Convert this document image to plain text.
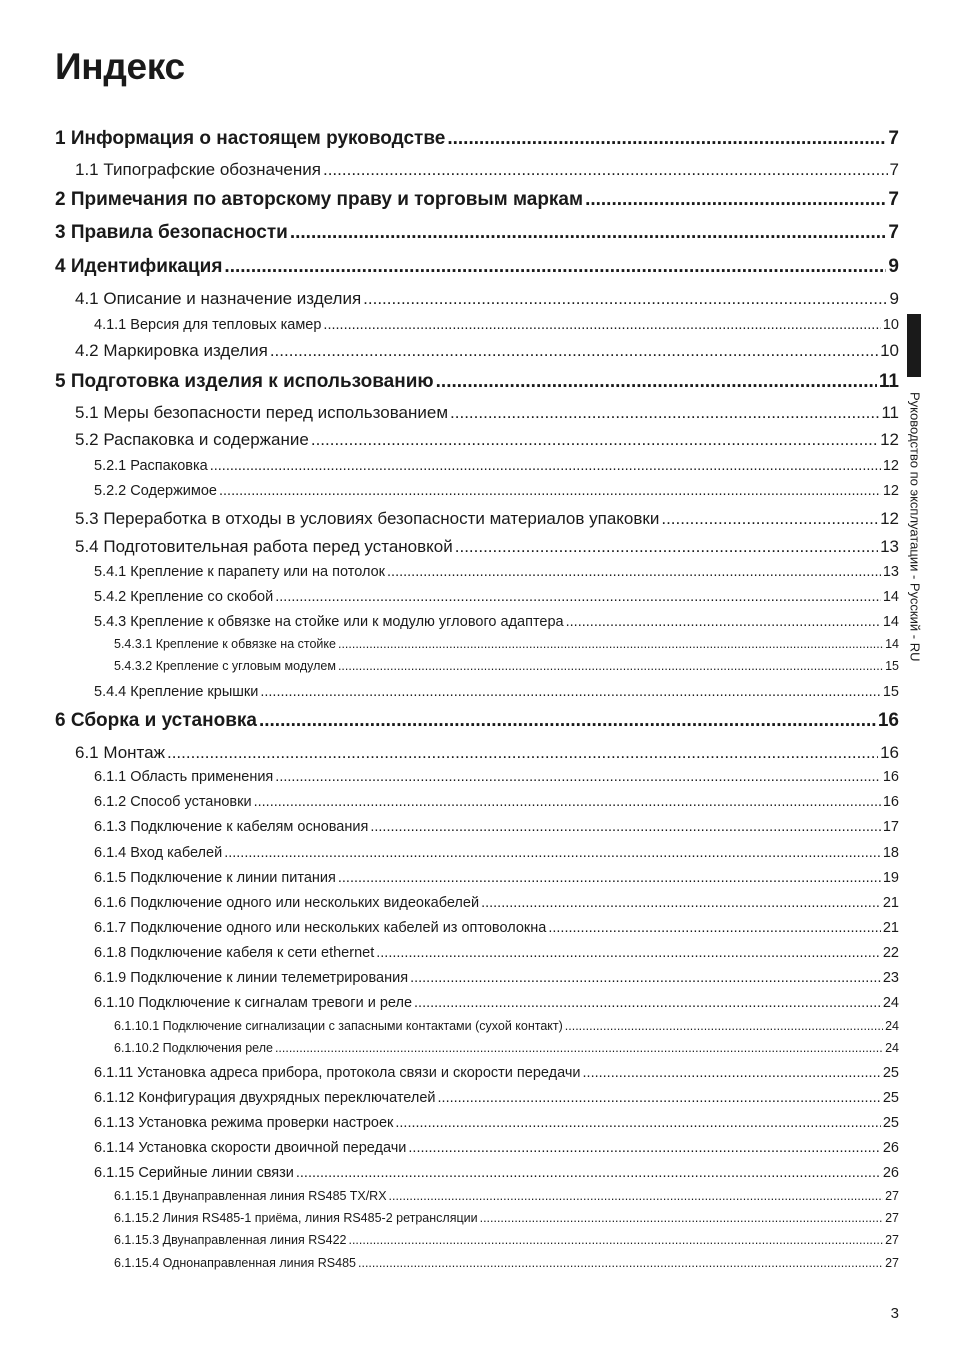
Индекс
1 Информация о настоящем руководстве .....	7
1.1 Типографские обозначения .....	7
2 Примечания по авторскому праву и торговым маркам .....	7
3 Правила безопасности .....	7
4 Идентификация .....	9
4.1 Описание и назначение изделия .....	9
4.1.1 Версия для тепловых камер .....	10
4.2 Маркировка изделия .....	10
5 Подготовка изделия к использованию .....	11
5.1 Меры безопасности перед использованием .....	11
5.2 Распаковка и содержание .....	12
5.2.1 Распаковка .....	12
5.2.2 Содержимое .....	12
5.3 Переработка в отходы в условиях безопасности материалов упаковки .....	12
5.4 Подготовительная работа перед установкой .....	13
5.4.1 Крепление к парапету или на потолок .....	13
5.4.2 Крепление со скобой .....	14
5.4.3 Крепление к обвязке на стойке или к модулю углового адаптера .....	14
5.4.3.1 Крепление к обвязке на стойке .....	14
5.4.3.2 Крепление с угловым модулем .....	15
5.4.4 Крепление крышки .....	15
6 Сборка и установка .....	16
6.1 Монтаж .....	16
6.1.1 Область применения .....	16
6.1.2 Способ установки .....	16
6.1.3 Подключение к кабелям основания .....	17
6.1.4 Вход кабелей .....	18
6.1.5 Подключение к линии питания .....	19
6.1.6 Подключение одного или нескольких видеокабелей .....	21
6.1.7 Подключение одного или нескольких кабелей из оптоволокна .....	21
6.1.8 Подключение кабеля к сети ethernet .....	22
6.1.9 Подключение к линии телеметрирования .....	23
6.1.10 Подключение к сигналам тревоги и реле .....	24
6.1.10.1 Подключение сигнализации с запасными контактами (сухой контакт) .....	24
6.1.10.2 Подключения реле .....	24
6.1.11 Установка адреса прибора, протокола связи и скорости передачи .....	25
6.1.12 Конфигурация двухрядных переключателей .....	25
6.1.13 Установка режима проверки настроек .....	25
6.1.14 Установка скорости двоичной передачи .....	26
6.1.15 Серийные линии связи .....	26
6.1.15.1 Двунаправленная линия RS485 TX/RX .....	27
6.1.15.2 Линия RS485-1 приёма, линия RS485-2 ретрансляции .....	27
6.1.15.3 Двунаправленная линия RS422 .....	27
6.1.15.4 Однонаправленная линия RS485 .....	27
Руководство по эксплуатации - Русский - RU
3
